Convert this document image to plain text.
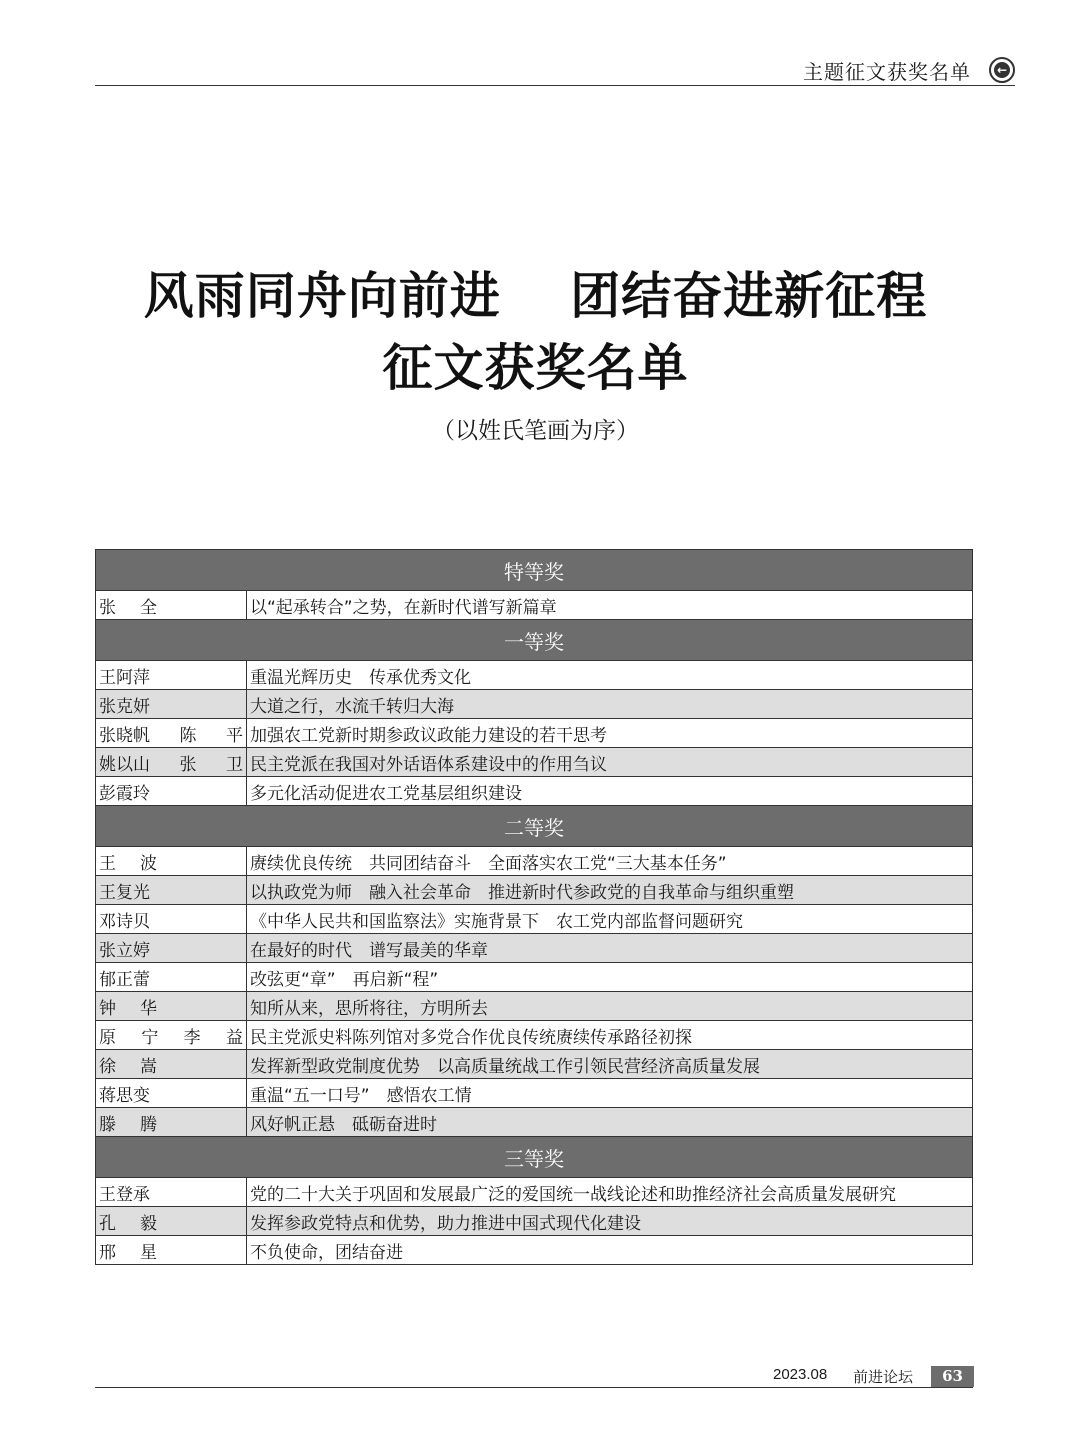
主题征文获奖名单 ←
风雨同舟向前进　 团结奋进新征程
征文获奖名单
（以姓氏笔画为序）
特等奖	

张 全	以“起承转合”之势，在新时代谱写新篇章
一等奖	

王阿萍	重温光辉历史　传承优秀文化

张克妍	大道之行，水流千转归大海

张晓帆 陈 平	加强农工党新时期参政议政能力建设的若干思考

姚以山 张 卫	民主党派在我国对外话语体系建设中的作用刍议

彭霞玲	多元化活动促进农工党基层组织建设
二等奖	

王 波	赓续优良传统　共同团结奋斗　全面落实农工党“三大基本任务”

王复光	以执政党为师　融入社会革命　推进新时代参政党的自我革命与组织重塑

邓诗贝	《中华人民共和国监察法》实施背景下　农工党内部监督问题研究

张立婷	在最好的时代　谱写最美的华章

郁正蕾	改弦更“章”　再启新“程”

钟 华	知所从来，思所将往，方明所去

原 宁 李 益	民主党派史料陈列馆对多党合作优良传统赓续传承路径初探

徐 嵩	发挥新型政党制度优势　以高质量统战工作引领民营经济高质量发展

蒋思变	重温“五一口号”　感悟农工情

滕 腾	风好帆正悬　砥砺奋进时
三等奖	

王登承	党的二十大关于巩固和发展最广泛的爱国统一战线论述和助推经济社会高质量发展研究

孔 毅	发挥参政党特点和优势，助力推进中国式现代化建设

邢 星	不负使命，团结奋进
2023.08 前进论坛	63
